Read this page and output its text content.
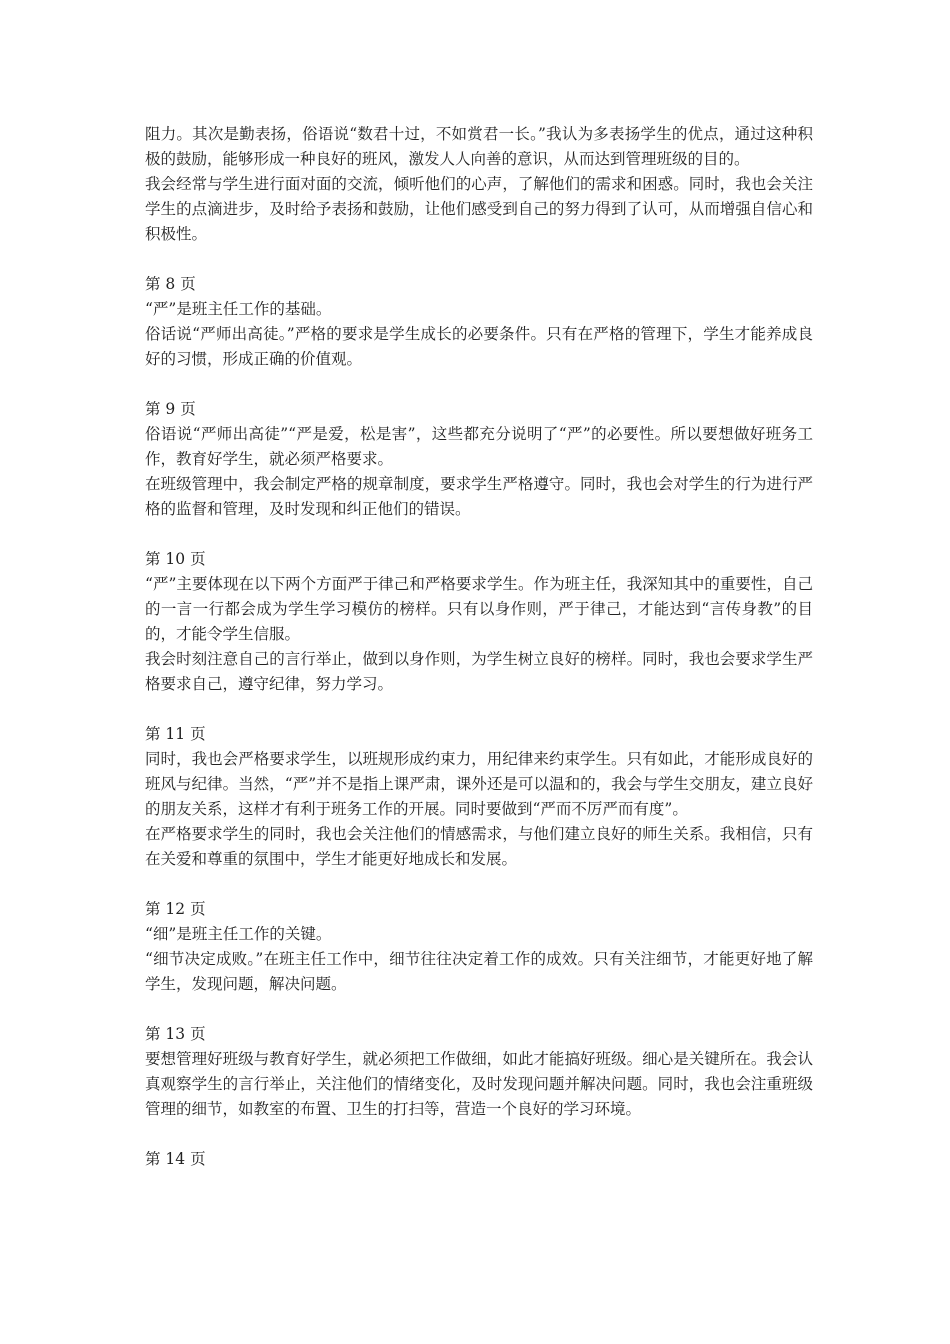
阻力。其次是勤表扬，俗语说“数君十过，不如赏君一长。”我认为多表扬学生的优点，通过这种积极的鼓励，能够形成一种良好的班风，激发人人向善的意识，从而达到管理班级的目的。

我会经常与学生进行面对面的交流，倾听他们的心声，了解他们的需求和困惑。同时，我也会关注学生的点滴进步，及时给予表扬和鼓励，让他们感受到自己的努力得到了认可，从而增强自信心和积极性。

第 8 页

“严”是班主任工作的基础。

俗话说“严师出高徒。”严格的要求是学生成长的必要条件。只有在严格的管理下，学生才能养成良好的习惯，形成正确的价值观。

第 9 页

俗语说“严师出高徒”“严是爱，松是害”，这些都充分说明了“严”的必要性。所以要想做好班务工作，教育好学生，就必须严格要求。

在班级管理中，我会制定严格的规章制度，要求学生严格遵守。同时，我也会对学生的行为进行严格的监督和管理，及时发现和纠正他们的错误。

第 10 页

“严”主要体现在以下两个方面严于律己和严格要求学生。作为班主任，我深知其中的重要性，自己的一言一行都会成为学生学习模仿的榜样。只有以身作则，严于律己，才能达到“言传身教”的目的，才能令学生信服。

我会时刻注意自己的言行举止，做到以身作则，为学生树立良好的榜样。同时，我也会要求学生严格要求自己，遵守纪律，努力学习。

第 11 页

同时，我也会严格要求学生，以班规形成约束力，用纪律来约束学生。只有如此，才能形成良好的班风与纪律。当然，“严”并不是指上课严肃，课外还是可以温和的，我会与学生交朋友，建立良好的朋友关系，这样才有利于班务工作的开展。同时要做到“严而不厉严而有度”。

在严格要求学生的同时，我也会关注他们的情感需求，与他们建立良好的师生关系。我相信，只有在关爱和尊重的氛围中，学生才能更好地成长和发展。

第 12 页

“细”是班主任工作的关键。

“细节决定成败。”在班主任工作中，细节往往决定着工作的成效。只有关注细节，才能更好地了解学生，发现问题，解决问题。

第 13 页

要想管理好班级与教育好学生，就必须把工作做细，如此才能搞好班级。细心是关键所在。我会认真观察学生的言行举止，关注他们的情绪变化，及时发现问题并解决问题。同时，我也会注重班级管理的细节，如教室的布置、卫生的打扫等，营造一个良好的学习环境。

第 14 页
